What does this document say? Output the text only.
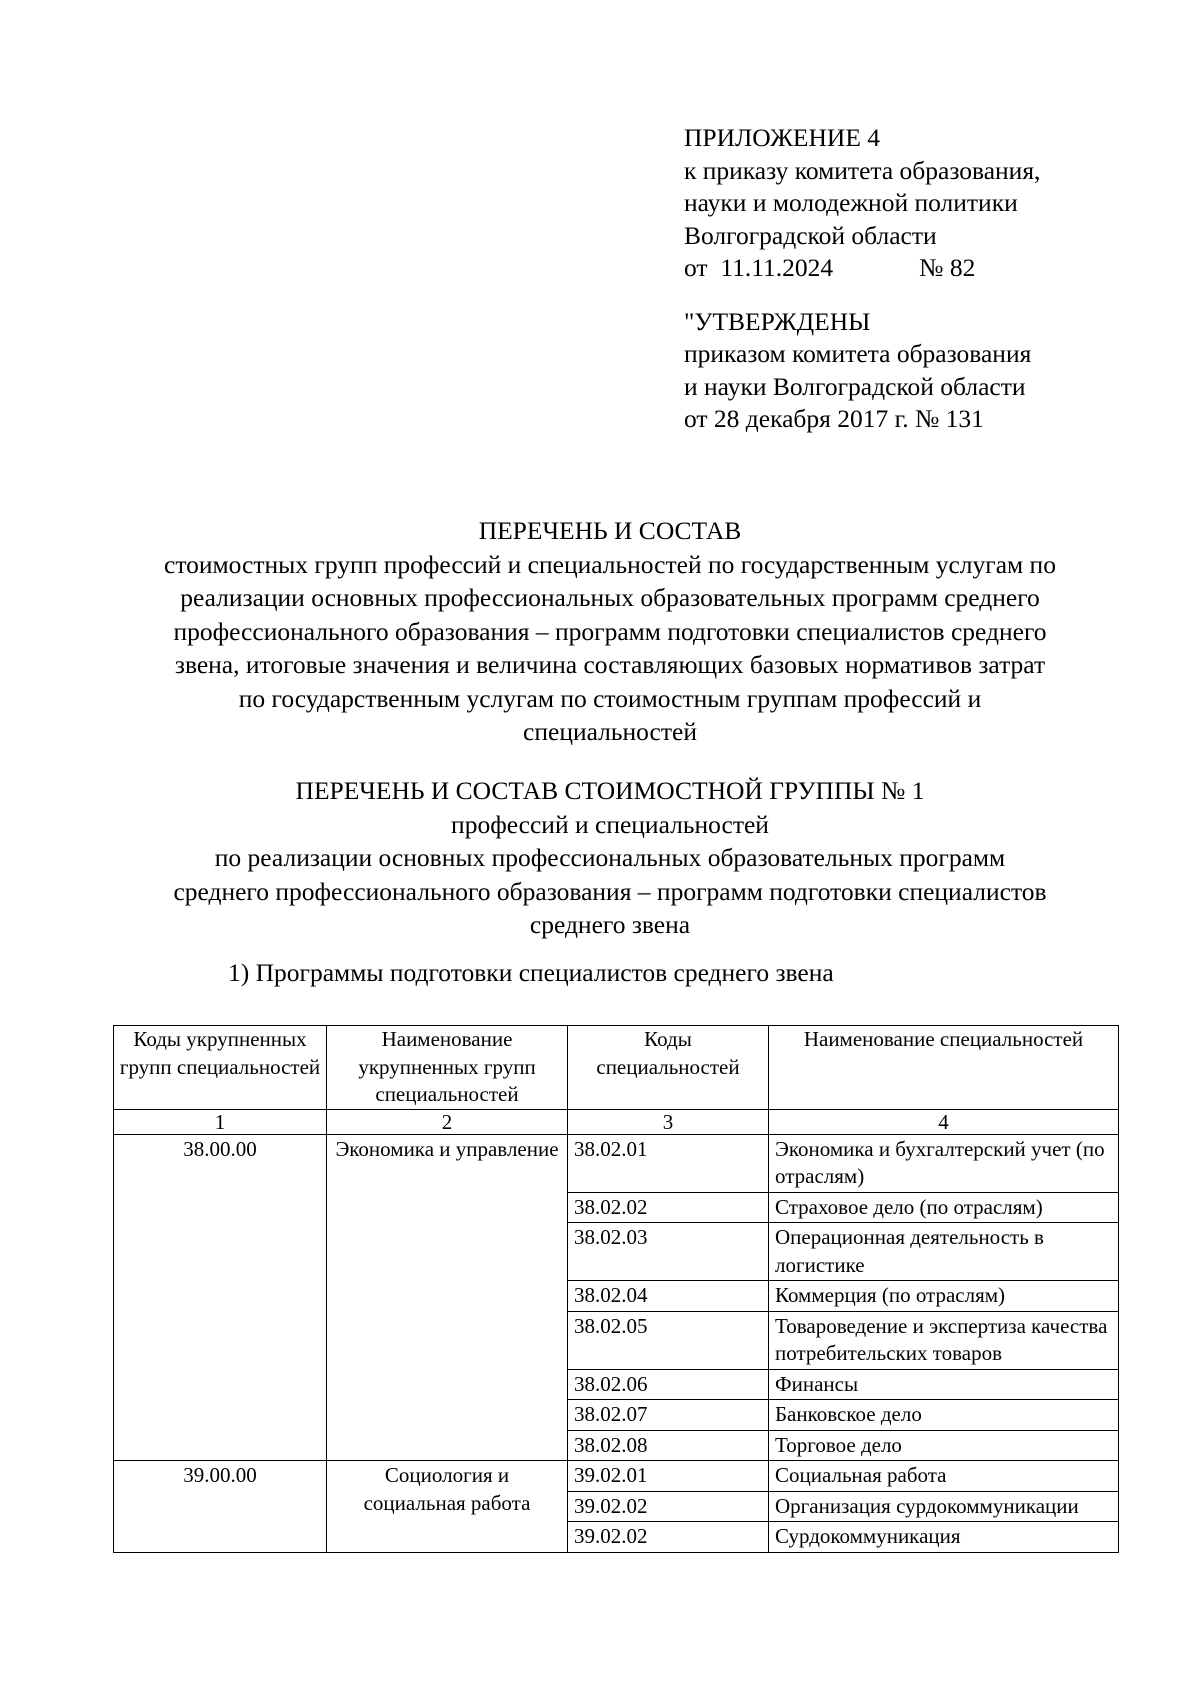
ПРИЛОЖЕНИЕ 4
к приказу комитета образования,
науки и молодежной политики
Волгоградской области
от 11.11.2024	№ 82
"УТВЕРЖДЕНЫ
приказом комитета образования
и науки Волгоградской области
от 28 декабря 2017 г. № 131
ПЕРЕЧЕНЬ И СОСТАВ
стоимостных групп профессий и специальностей по государственным услугам по
реализации основных профессиональных образовательных программ среднего
профессионального образования – программ подготовки специалистов среднего
звена, итоговые значения и величина составляющих базовых нормативов затрат
по государственным услугам по стоимостным группам профессий и
специальностей
ПЕРЕЧЕНЬ И СОСТАВ СТОИМОСТНОЙ ГРУППЫ № 1
профессий и специальностей
по реализации основных профессиональных образовательных программ
среднего профессионального образования – программ подготовки специалистов
среднего звена
1) Программы подготовки специалистов среднего звена
Коды укрупненных групп специальностей	Наименование укрупненных групп специальностей	Коды специальностей	Наименование специальностей
1	2	3	4
38.00.00	Экономика и управление	38.02.01	Экономика и бухгалтерский учет (по отраслям)
		38.02.02	Страховое дело (по отраслям)
		38.02.03	Операционная деятельность в логистике
		38.02.04	Коммерция (по отраслям)
		38.02.05	Товароведение и экспертиза качества потребительских товаров
		38.02.06	Финансы
		38.02.07	Банковское дело
		38.02.08	Торговое дело
39.00.00	Социология и социальная работа	39.02.01	Социальная работа
		39.02.02	Организация сурдокоммуникации
		39.02.02	Сурдокоммуникация
